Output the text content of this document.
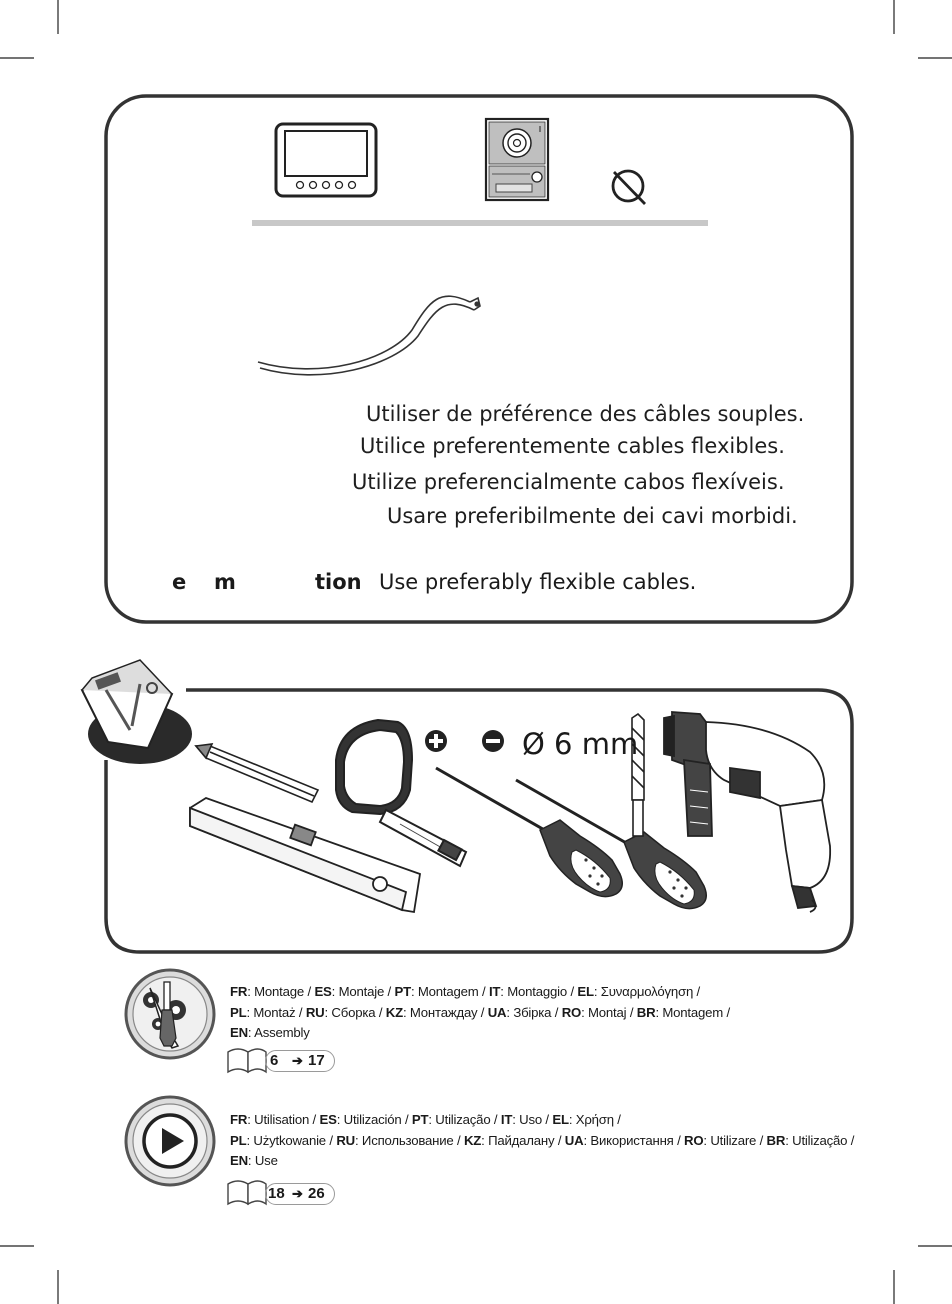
Utiliser de préférence des câbles souples.
Utilice preferentemente cables flexibles.
Utilize preferencialmente cabos flexíveis.
Usare preferibilmente dei cavi morbidi.
e m	tion Use preferably flexible cables.
Ø 6 mm
FR: Montage / ES: Montaje / PT: Montagem / IT: Montaggio / EL: Συναρμολόγηση /
PL: Montaż / RU: Сборка / KZ: Монтаждау / UA: Збірка / RO: Montaj / BR: Montagem /
EN: Assembly
6 ➔ 17
FR: Utilisation / ES: Utilización / PT: Utilização / IT: Uso / EL: Χρήση /
PL: Użytkowanie / RU: Использование / KZ: Пайдалану / UA: Використання / RO: Utilizare / BR: Utilização /
EN: Use
18 ➔ 26
